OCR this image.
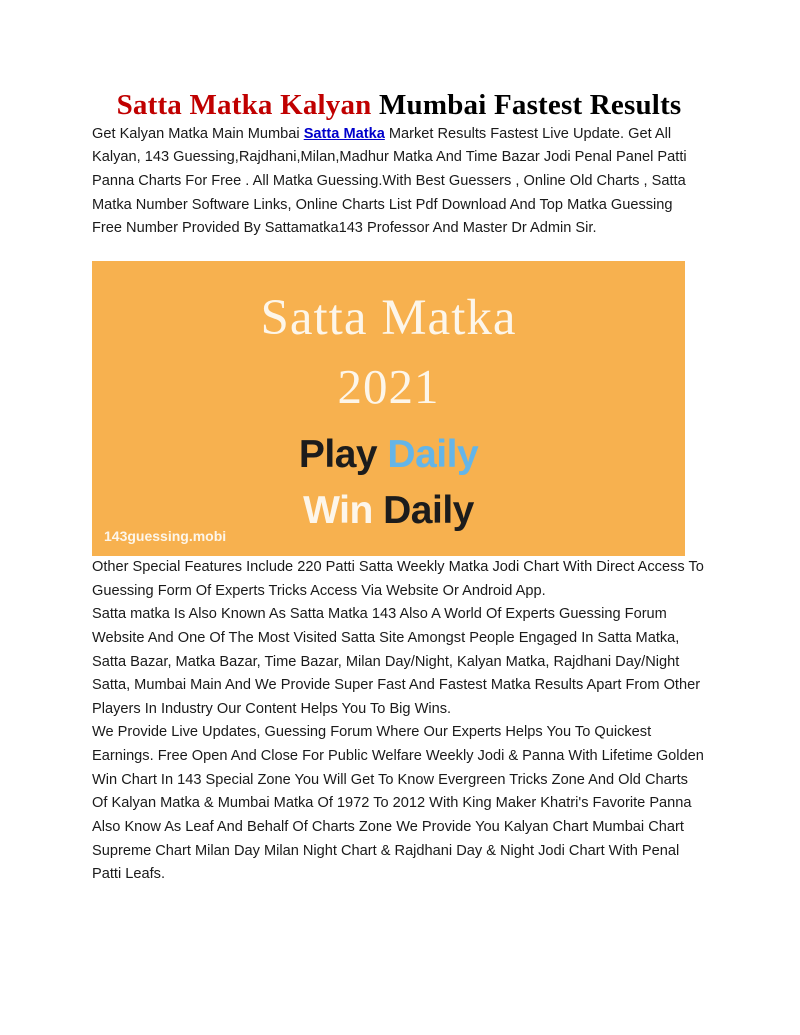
Satta Matka Kalyan Mumbai Fastest Results

Get Kalyan Matka Main Mumbai Satta Matka Market Results Fastest Live Update. Get All Kalyan, 143 Guessing,Rajdhani,Milan,Madhur Matka And Time Bazar Jodi Penal Panel Patti Panna Charts For Free . All Matka Guessing.With Best Guessers , Online Old Charts , Satta Matka Number Software Links, Online Charts List Pdf Download And Top Matka Guessing Free Number Provided By Sattamatka143 Professor And Master Dr Admin Sir.

Satta Matka
2021
Play Daily
Win Daily
143guessing.mobi

Other Special Features Include 220 Patti Satta Weekly Matka Jodi Chart With Direct Access To Guessing Form Of Experts Tricks Access Via Website Or Android App.

Satta matka Is Also Known As Satta Matka 143 Also A World Of Experts Guessing Forum Website And One Of The Most Visited Satta Site Amongst People Engaged In Satta Matka, Satta Bazar, Matka Bazar, Time Bazar, Milan Day/Night, Kalyan Matka, Rajdhani Day/Night Satta, Mumbai Main And We Provide Super Fast And Fastest Matka Results Apart From Other Players In Industry Our Content Helps You To Big Wins.

We Provide Live Updates, Guessing Forum Where Our Experts Helps You To Quickest Earnings. Free Open And Close For Public Welfare Weekly Jodi & Panna With Lifetime Golden Win Chart In 143 Special Zone You Will Get To Know Evergreen Tricks Zone And Old Charts Of Kalyan Matka & Mumbai Matka Of 1972 To 2012 With King Maker Khatri's Favorite Panna Also Know As Leaf And Behalf Of Charts Zone We Provide You Kalyan Chart Mumbai Chart Supreme Chart Milan Day Milan Night Chart & Rajdhani Day & Night Jodi Chart With Penal Patti Leafs.
